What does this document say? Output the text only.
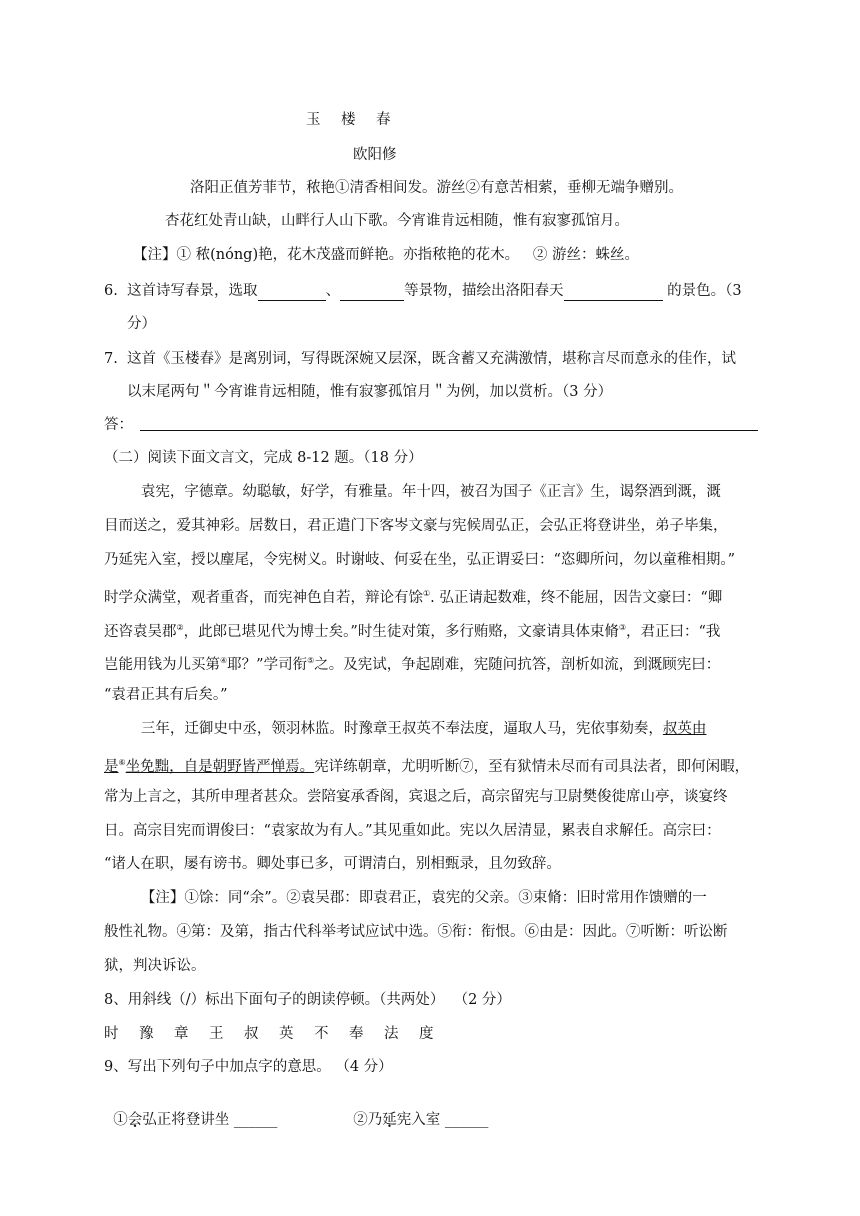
玉 楼 春
欧阳修
洛阳正值芳菲节，秾艳①清香相间发。游丝②有意苦相萦，垂柳无端争赠别。
杏花红处青山缺，山畔行人山下歌。今宵谁肯远相随，惟有寂寥孤馆月。
【注】① 秾(nóng)艳，花木茂盛而鲜艳。亦指秾艳的花木。   ② 游丝：蛛丝。
6.  这首诗写春景，选取	、	等景物，描绘出洛阳春天	的景色。（3
分）
7.  这首《玉楼春》是离别词，写得既深婉又层深，既含蓄又充满激情，堪称言尽而意永的佳作，试
以末尾两句＂今宵谁肯远相随，惟有寂寥孤馆月＂为例，加以赏析。（3 分）
答：
（二）阅读下面文言文，完成 8-12 题。（18 分）
袁宪，字德章。幼聪敏，好学，有雅量。年十四，被召为国子《正言》生，谒祭酒到溉，溉
目而送之，爱其神彩。居数日，君正遣门下客岑文豪与宪候周弘正，会弘正将登讲坐，弟子毕集，
乃延宪入室，授以麈尾，令宪树义。时谢岐、何妥在坐，弘正谓妥曰：“恣卿所问，勿以童稚相期。”
时学众满堂，观者重沓，而宪神色自若，辩论有馀①. 弘正请起数难，终不能屈，因告文豪曰：“卿
还咨袁吴郡②，此郎已堪见代为博士矣。”时生徒对策，多行贿赂，文豪请具体束脩③，君正曰：“我
岂能用钱为儿买第④耶？”学司衔⑤之。及宪试，争起剧难，宪随问抗答，剖析如流，到溉顾宪曰：
“袁君正其有后矣。”
三年，迁御史中丞，领羽林监。时豫章王叔英不奉法度，逼取人马，宪依事劾奏，叔英由
是⑥坐免黜，自是朝野皆严惮焉。宪详练朝章，尤明听断⑦，至有狱情未尽而有司具法者，即何闲暇，
常为上言之，其所申理者甚众。尝陪宴承香阁，宾退之后，高宗留宪与卫尉樊俊徙席山亭，谈宴终
日。高宗目宪而谓俊曰：“袁家故为有人。”其见重如此。宪以久居清显，累表自求解任。高宗曰：
“诸人在职，屡有谤书。卿处事已多，可谓清白，别相甄录，且勿致辞。
【注】①馀：同“余”。②袁吴郡：即袁君正，袁宪的父亲。③束脩：旧时常用作馈赠的一
般性礼物。④第：及第，指古代科举考试应试中选。⑤衔：衔恨。⑥由是：因此。⑦听断：听讼断
狱，判决诉讼。
8、用斜线（/）标出下面句子的朗读停顿。（共两处）  （2 分）
时 豫 章 王 叔 英 不 奉 法 度
9、写出下列句子中加点字的意思。 （4 分）

①会弘正将登讲坐 ______	②乃延宪入室 ______
